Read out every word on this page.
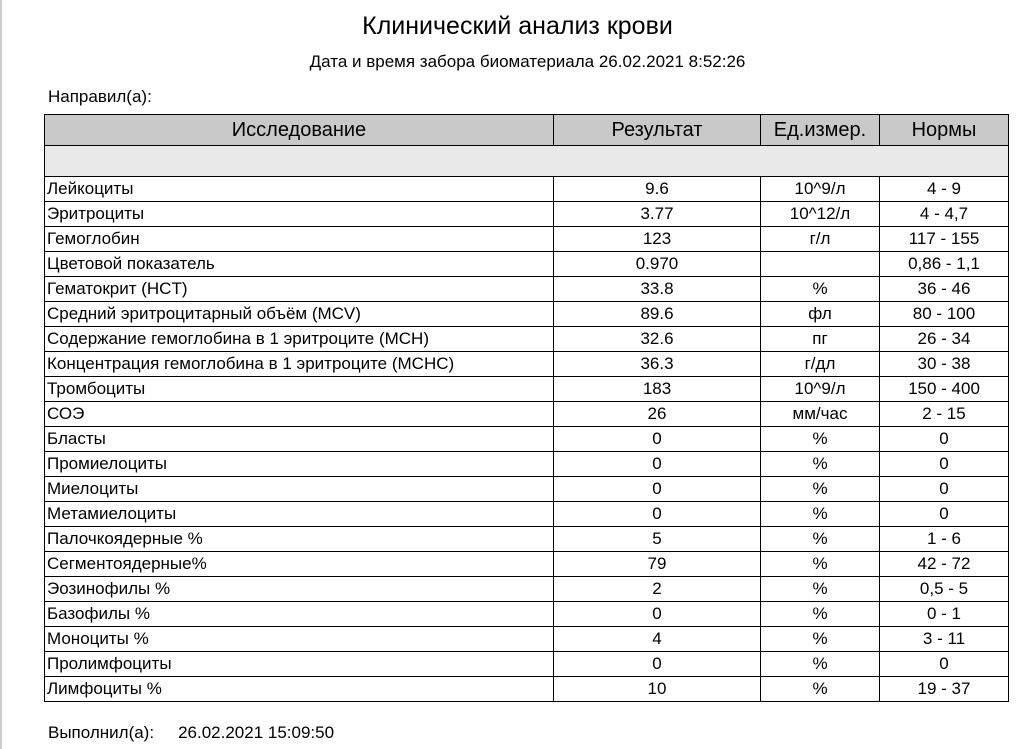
Клинический анализ крови
Дата и время забора биоматериала 26.02.2021 8:52:26
Направил(а):
Исследование	Результат	Ед.измер.	Нормы

Лейкоциты	9.6	10^9/л	4 - 9
Эритроциты	3.77	10^12/л	4 - 4,7
Гемоглобин	123	г/л	117 - 155
Цветовой показатель	0.970		0,86 - 1,1
Гематокрит (HCT)	33.8	%	36 - 46
Средний эритроцитарный объём (MCV)	89.6	фл	80 - 100
Содержание гемоглобина в 1 эритроците (MCH)	32.6	пг	26 - 34
Концентрация гемоглобина в 1 эритроците (MCHC)	36.3	г/дл	30 - 38
Тромбоциты	183	10^9/л	150 - 400
СОЭ	26	мм/час	2 - 15
Бласты	0	%	0
Промиелоциты	0	%	0
Миелоциты	0	%	0
Метамиелоциты	0	%	0
Палочкоядерные %	5	%	1 - 6
Сегментоядерные%	79	%	42 - 72
Эозинофилы %	2	%	0,5 - 5
Базофилы %	0	%	0 - 1
Моноциты %	4	%	3 - 11
Пролимфоциты	0	%	0
Лимфоциты %	10	%	19 - 37
Выполнил(а): 26.02.2021 15:09:50
